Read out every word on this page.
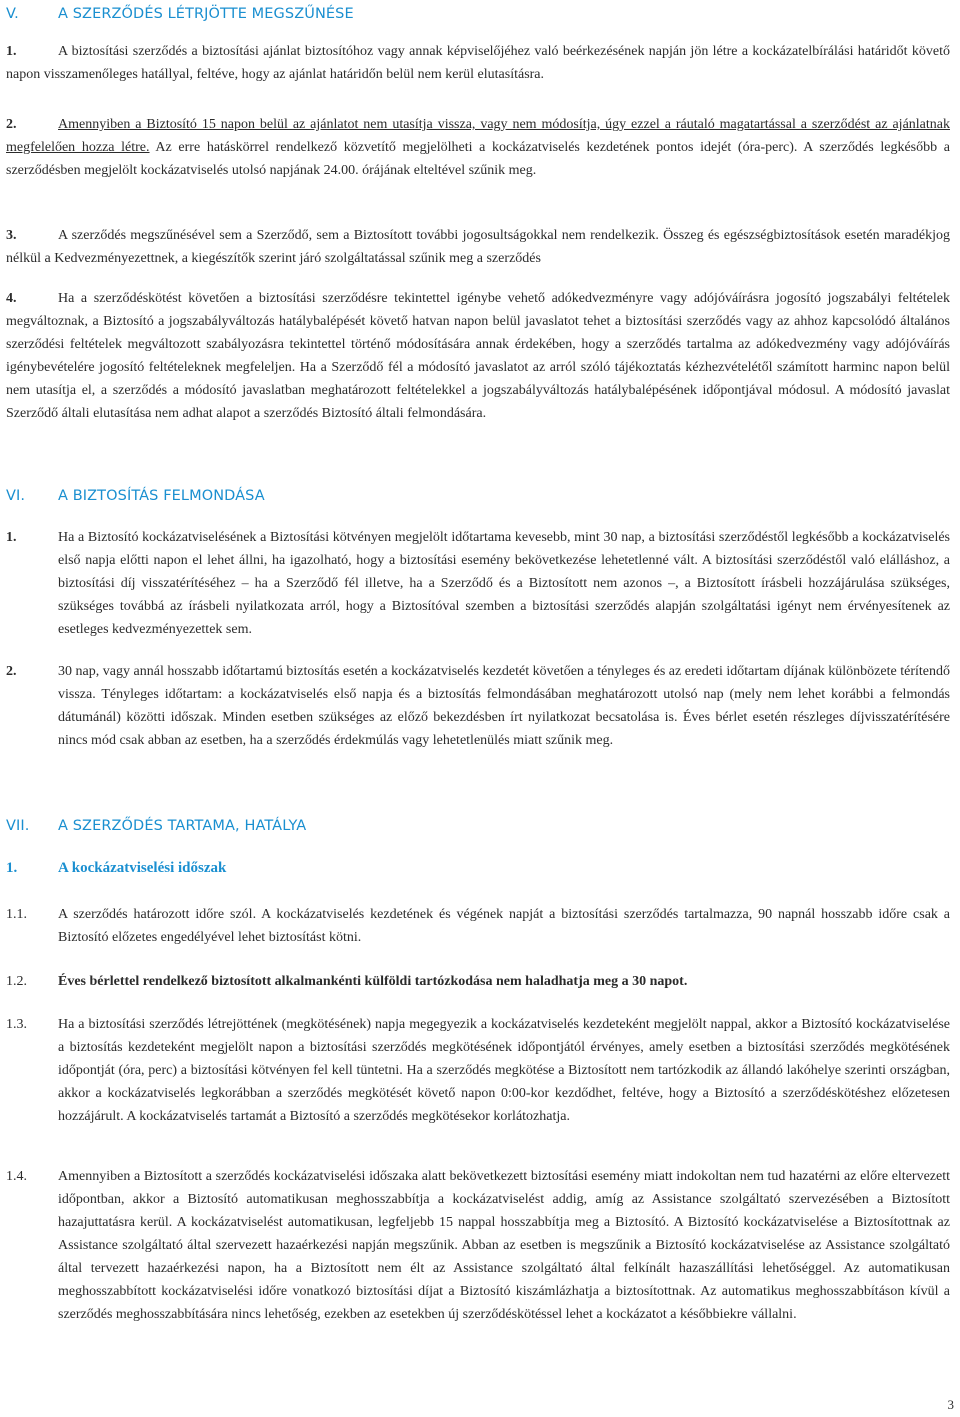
V.	A SZERZŐDÉS LÉTRJÖTTE MEGSZŰNÉSE
1.	A biztosítási szerződés a biztosítási ajánlat biztosítóhoz vagy annak képviselőjéhez való beérkezésének napján jön létre a kockázatelbírálási határidőt követő napon visszamenőleges hatállyal, feltéve, hogy az ajánlat határidőn belül nem kerül elutasításra.
2.	Amennyiben a Biztosító 15 napon belül az ajánlatot nem utasítja vissza, vagy nem módosítja, úgy ezzel a ráutaló magatartással a szerződést az ajánlatnak megfelelően hozza létre. Az erre hatáskörrel rendelkező közvetítő megjelölheti a kockázatviselés kezdetének pontos idejét (óra-perc). A szerződés legkésőbb a szerződésben megjelölt kockázatviselés utolsó napjának 24.00. órájának elteltével szűnik meg.
3.	A szerződés megszűnésével sem a Szerződő, sem a Biztosított további jogosultságokkal nem rendelkezik. Összeg és egészségbiztosítások esetén maradékjog nélkül a Kedvezményezettnek, a kiegészítők szerint járó szolgáltatással szűnik meg a szerződés
4.	Ha a szerződéskötést követően a biztosítási szerződésre tekintettel igénybe vehető adókedvezményre vagy adójóváírásra jogosító jogszabályi feltételek megváltoznak, a Biztosító a jogszabályváltozás hatálybalépését követő hatvan napon belül javaslatot tehet a biztosítási szerződés vagy az ahhoz kapcsolódó általános szerződési feltételek megváltozott szabályozásra tekintettel történő módosítására annak érdekében, hogy a szerződés tartalma az adókedvezmény vagy adójóváírás igénybevételére jogosító feltételeknek megfeleljen. Ha a Szerződő fél a módosító javaslatot az arról szóló tájékoztatás kézhezvételétől számított harminc napon belül nem utasítja el, a szerződés a módosító javaslatban meghatározott feltételekkel a jogszabályváltozás hatálybalépésének időpontjával módosul. A módosító javaslat Szerződő általi elutasítása nem adhat alapot a szerződés Biztosító általi felmondására.
VI. A BIZTOSÍTÁS FELMONDÁSA
1.	Ha a Biztosító kockázatviselésének a Biztosítási kötvényen megjelölt időtartama kevesebb, mint 30 nap, a biztosítási szerződéstől legkésőbb a kockázatviselés első napja előtti napon el lehet állni, ha igazolható, hogy a biztosítási esemény bekövetkezése lehetetlenné vált. A biztosítási szerződéstől való elálláshoz, a biztosítási díj visszatérítéséhez – ha a Szerződő fél illetve, ha a Szerződő és a Biztosított nem azonos –, a Biztosított írásbeli hozzájárulása szükséges, szükséges továbbá az írásbeli nyilatkozata arról, hogy a Biztosítóval szemben a biztosítási szerződés alapján szolgáltatási igényt nem érvényesítenek az esetleges kedvezményezettek sem.
2.	30 nap, vagy annál hosszabb időtartamú biztosítás esetén a kockázatviselés kezdetét követően a tényleges és az eredeti időtartam díjának különbözete térítendő vissza. Tényleges időtartam: a kockázatviselés első napja és a biztosítás felmondásában meghatározott utolsó nap (mely nem lehet korábbi a felmondás dátumánál) közötti időszak. Minden esetben szükséges az előző bekezdésben írt nyilatkozat becsatolása is. Éves bérlet esetén részleges díjvisszatérítésére nincs mód csak abban az esetben, ha a szerződés érdekmúlás vagy lehetetlenülés miatt szűnik meg.
VII. A SZERZŐDÉS TARTAMA, HATÁLYA
1.	A kockázatviselési időszak
1.1. A szerződés határozott időre szól. A kockázatviselés kezdetének és végének napját a biztosítási szerződés tartalmazza, 90 napnál hosszabb időre csak a Biztosító előzetes engedélyével lehet biztosítást kötni.
1.2. Éves bérlettel rendelkező biztosított alkalmankénti külföldi tartózkodása nem haladhatja meg a 30 napot.
1.3. Ha a biztosítási szerződés létrejöttének (megkötésének) napja megegyezik a kockázatviselés kezdeteként megjelölt nappal, akkor a Biztosító kockázatviselése a biztosítás kezdeteként megjelölt napon a biztosítási szerződés megkötésének időpontjától érvényes, amely esetben a biztosítási szerződés megkötésének időpontját (óra, perc) a biztosítási kötvényen fel kell tüntetni. Ha a szerződés megkötése a Biztosított nem tartózkodik az állandó lakóhelye szerinti országban, akkor a kockázatviselés legkorábban a szerződés megkötését követő napon 0:00-kor kezdődhet, feltéve, hogy a Biztosító a szerződéskötéshez előzetesen hozzájárult. A kockázatviselés tartamát a Biztosító a szerződés megkötésekor korlátozhatja.
1.4. Amennyiben a Biztosított a szerződés kockázatviselési időszaka alatt bekövetkezett biztosítási esemény miatt indokoltan nem tud hazatérni az előre eltervezett időpontban, akkor a Biztosító automatikusan meghosszabbítja a kockázatviselést addig, amíg az Assistance szolgáltató szervezésében a Biztosított hazajuttatásra kerül. A kockázatviselést automatikusan, legfeljebb 15 nappal hosszabbítja meg a Biztosító. A Biztosító kockázatviselése a Biztosítottnak az Assistance szolgáltató által szervezett hazaérkezési napján megszűnik. Abban az esetben is megszűnik a Biztosító kockázatviselése az Assistance szolgáltató által tervezett hazaérkezési napon, ha a Biztosított nem élt az Assistance szolgáltató által felkínált hazaszállítási lehetőséggel. Az automatikusan meghosszabbított kockázatviselési időre vonatkozó biztosítási díjat a Biztosító kiszámlázhatja a biztosítottnak. Az automatikus meghosszabbításon kívül a szerződés meghosszabbítására nincs lehetőség, ezekben az esetekben új szerződéskötéssel lehet a kockázatot a későbbiekre vállalni.
3
